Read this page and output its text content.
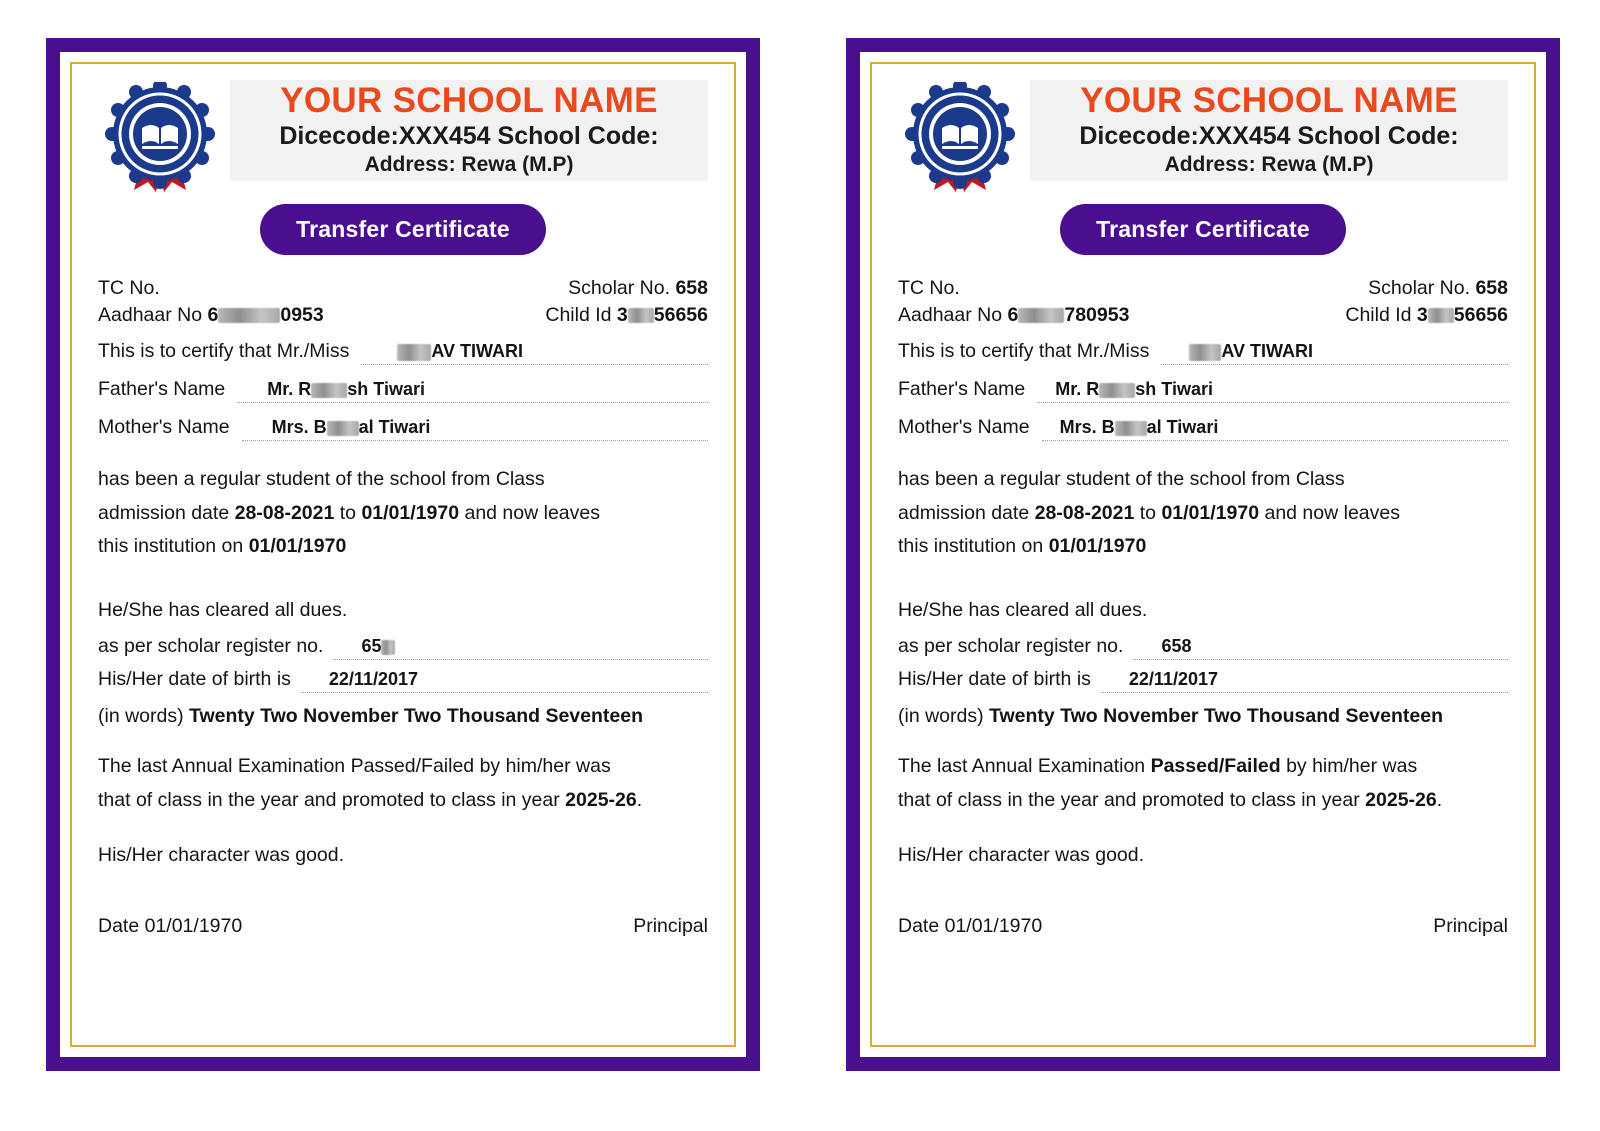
YOUR SCHOOL NAME
Dicecode:XXX454 School Code:
Address: Rewa (M.P)
Transfer Certificate
TC No.	Scholar No. 658
Aadhaar No 6	0953	Child Id 3 56656
This is to certify that Mr./Miss	AV TIWARI
Father's Name	Mr. R sh Tiwari
Mother's Name	Mrs. B al Tiwari
has been a regular student of the school from Class
admission date 28-08-2021 to 01/01/1970 and now leaves
this institution on 01/01/1970
He/She has cleared all dues.
as per scholar register no.	65
His/Her date of birth is	22/11/2017
(in words) Twenty Two November Two Thousand Seventeen
The last Annual Examination Passed/Failed by him/her was
that of class in the year and promoted to class in year 2025-26.
His/Her character was good.
Date 01/01/1970	Principal
YOUR SCHOOL NAME
Dicecode:XXX454 School Code:
Address: Rewa (M.P)
Transfer Certificate
TC No.	Scholar No. 658
Aadhaar No 6 780953	Child Id 3 56656
This is to certify that Mr./Miss	AV TIWARI
Father's Name	Mr. R sh Tiwari
Mother's Name	Mrs. B al Tiwari
has been a regular student of the school from Class
admission date 28-08-2021 to 01/01/1970 and now leaves
this institution on 01/01/1970
He/She has cleared all dues.
as per scholar register no.	658
His/Her date of birth is	22/11/2017
(in words) Twenty Two November Two Thousand Seventeen
The last Annual Examination Passed/Failed by him/her was
that of class in the year and promoted to class in year 2025-26.
His/Her character was good.
Date 01/01/1970	Principal
